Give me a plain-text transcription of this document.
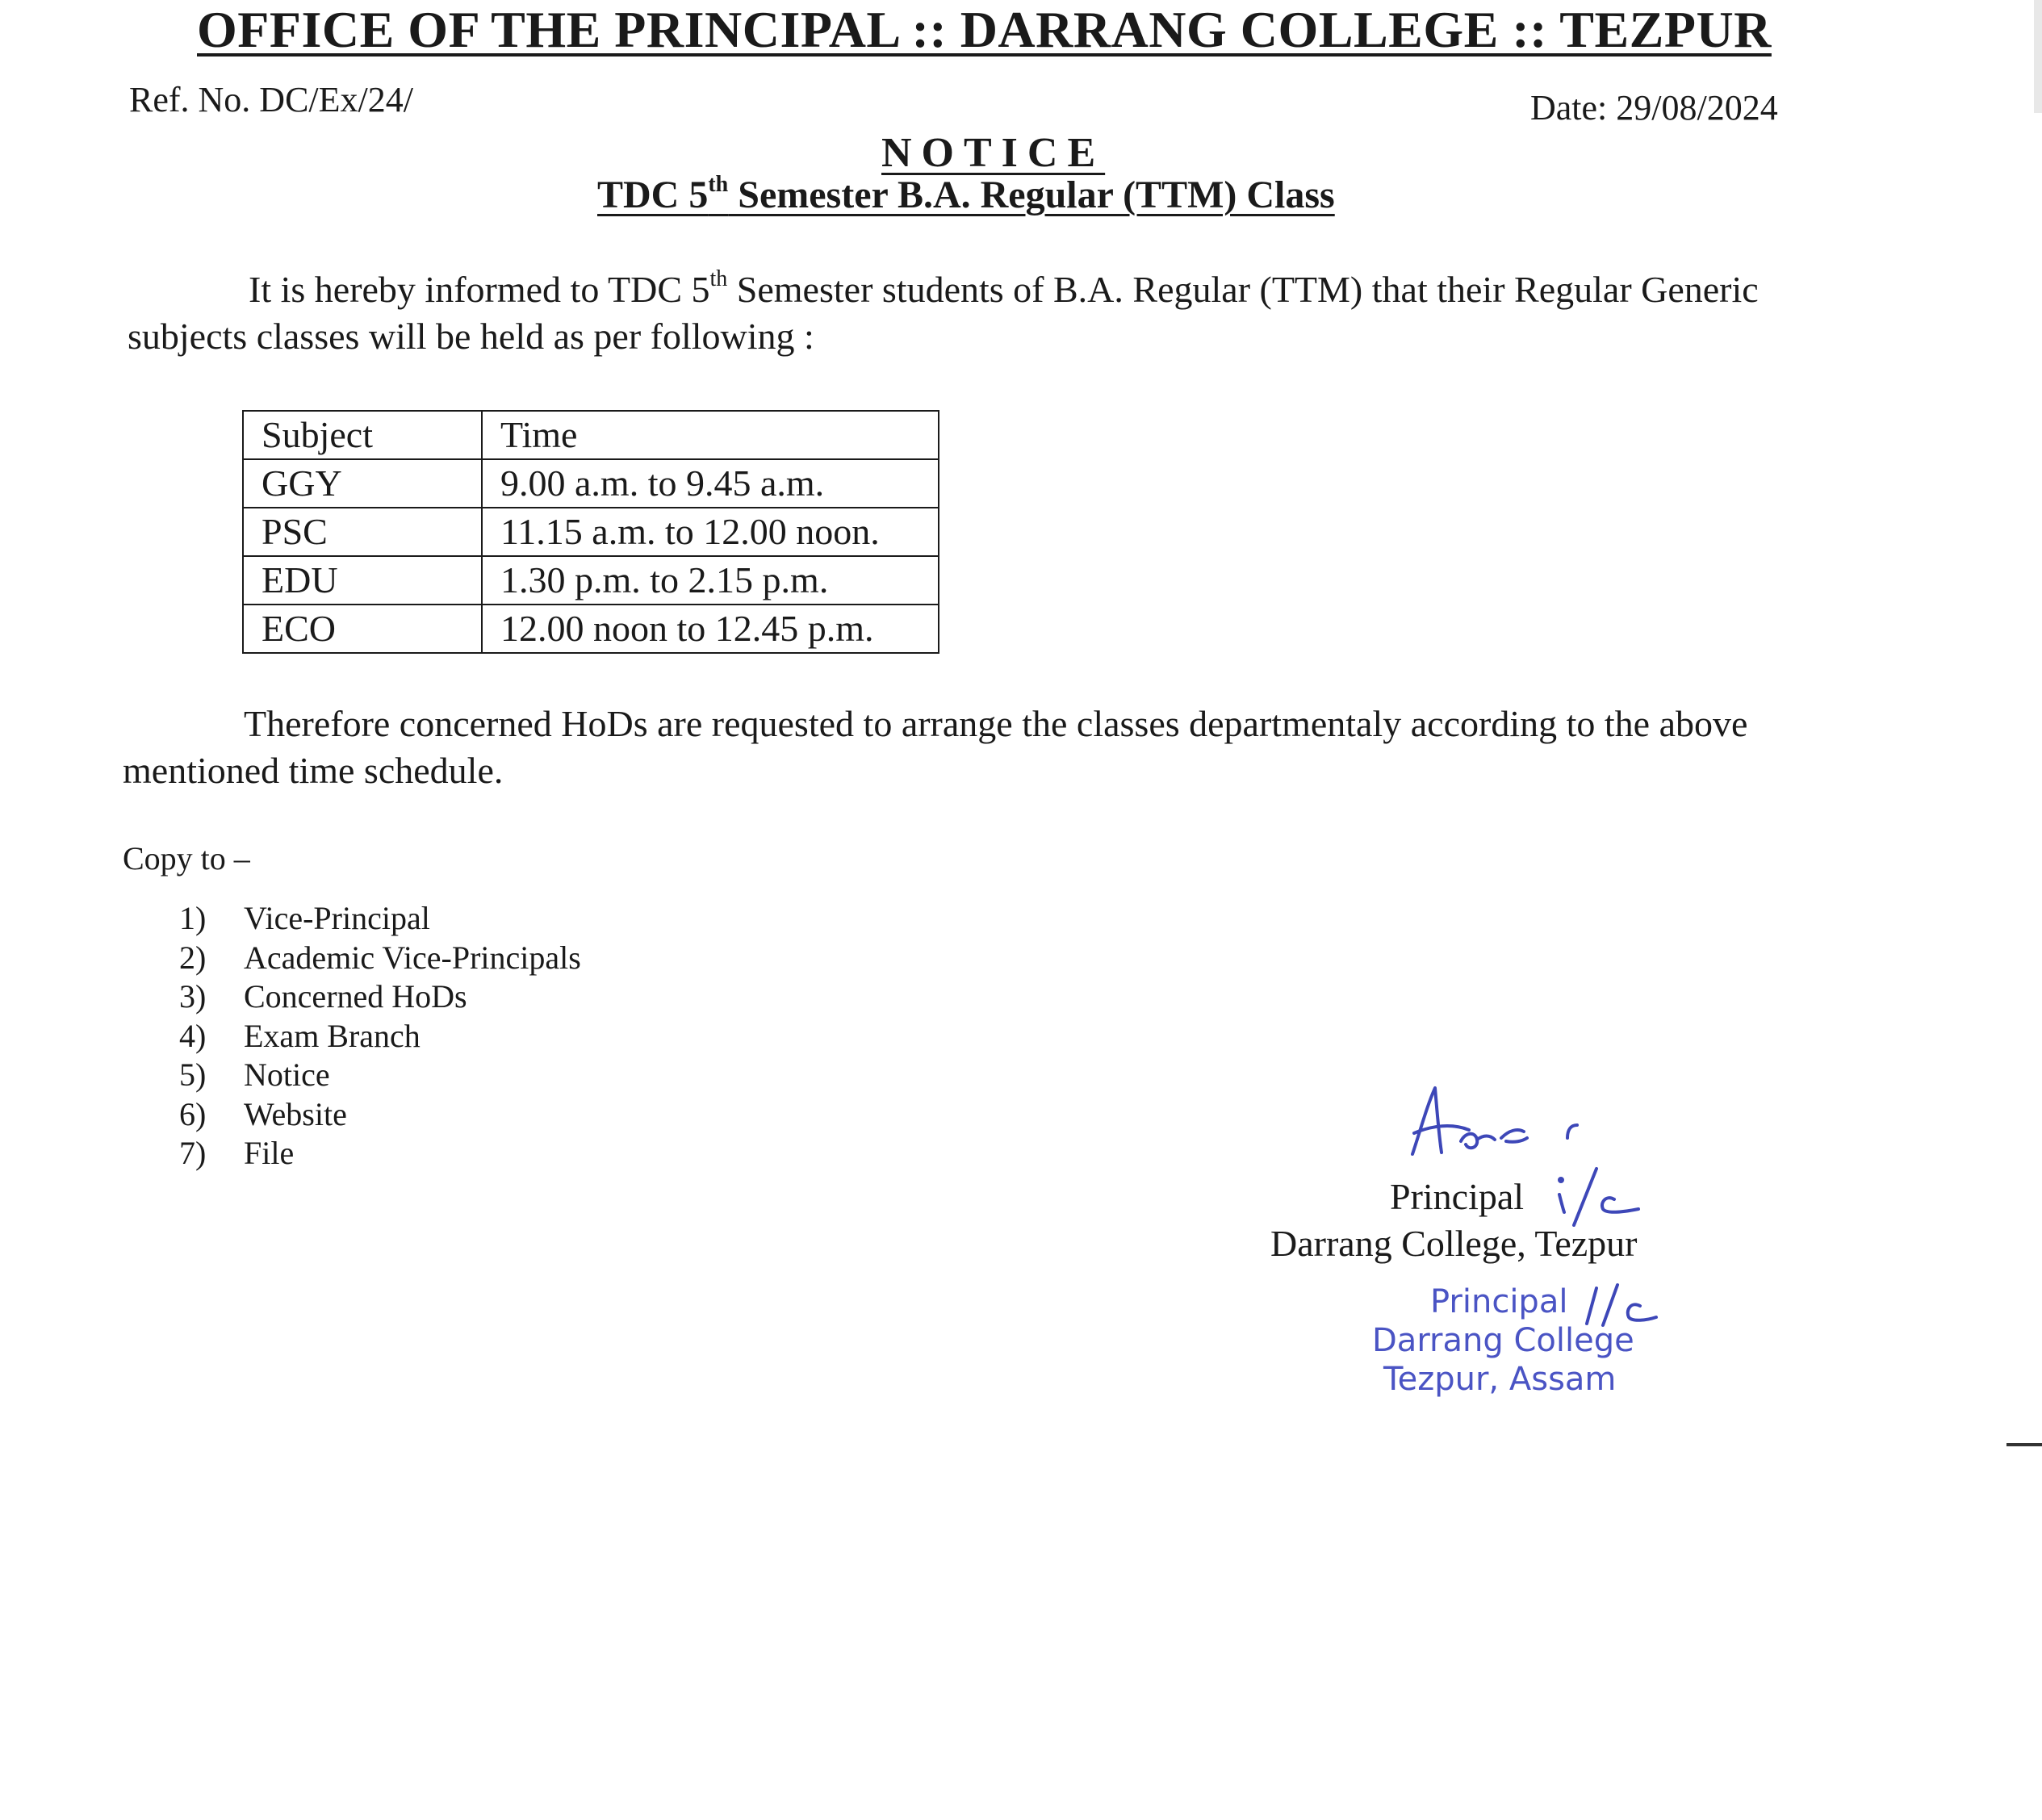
OFFICE OF THE PRINCIPAL :: DARRANG COLLEGE :: TEZPUR
Ref. No. DC/Ex/24/	Date: 29/08/2024
NOTICE
TDC 5th Semester B.A. Regular (TTM) Class
It is hereby informed to TDC 5th Semester students of B.A. Regular (TTM) that their Regular Generic subjects classes will be held as per following :
Subject	Time
GGY	9.00 a.m. to 9.45 a.m.
PSC	11.15 a.m. to 12.00 noon.
EDU	1.30 p.m. to 2.15 p.m.
ECO	12.00 noon to 12.45 p.m.
Therefore concerned HoDs are requested to arrange the classes departmentaly according to the above mentioned time schedule.
Copy to –
1) Vice-Principal
2) Academic Vice-Principals
3) Concerned HoDs
4) Exam Branch
5) Notice
6) Website
7) File
Principal
Darrang College, Tezpur
Principal
Darrang College
Tezpur, Assam
